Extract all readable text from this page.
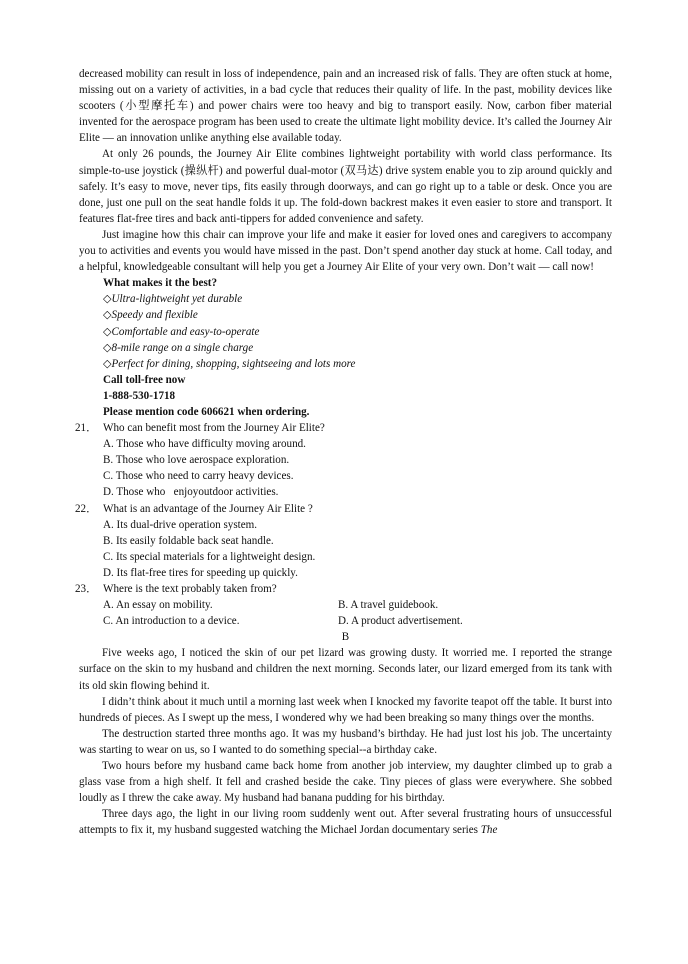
decreased mobility can result in loss of independence, pain and an increased risk of falls. They are often stuck at home, missing out on a variety of activities, in a bad cycle that reduces their quality of life. In the past, mobility devices like scooters (小型摩托车) and power chairs were too heavy and big to transport easily. Now, carbon fiber material invented for the aerospace program has been used to create the ultimate light mobility device. It’s called the Journey Air Elite — an innovation unlike anything else available today.

At only 26 pounds, the Journey Air Elite combines lightweight portability with world class performance. Its simple-to-use joystick (操纵杆) and powerful dual-motor (双马达) drive system enable you to zip around quickly and safely. It’s easy to move, never tips, fits easily through doorways, and can go right up to a table or desk. Once you are done, just one pull on the seat handle folds it up. The fold-down backrest makes it even easier to store and transport. It features flat-free tires and back anti-tippers for added convenience and safety.

Just imagine how this chair can improve your life and make it easier for loved ones and caregivers to accompany you to activities and events you would have missed in the past. Don’t spend another day stuck at home. Call today, and a helpful, knowledgeable consultant will help you get a Journey Air Elite of your very own. Don’t wait — call now!

What makes it the best?
◇Ultra-lightweight yet durable
◇Speedy and flexible
◇Comfortable and easy-to-operate
◇8-mile range on a single charge
◇Perfect for dining, shopping, sightseeing and lots more
Call toll-free now
1-888-530-1718
Please mention code 606621 when ordering.
21． Who can benefit most from the Journey Air Elite?
A. Those who have difficulty moving around.
B. Those who love aerospace exploration.
C. Those who need to carry heavy devices.
D. Those who   enjoyoutdoor activities.
22． What is an advantage of the Journey Air Elite ?
A. Its dual-drive operation system.
B. Its easily foldable back seat handle.
C. Its special materials for a lightweight design.
D. Its flat-free tires for speeding up quickly.
23． Where is the text probably taken from?
A. An essay on mobility.	B. A travel guidebook.
C. An introduction to a device.	D. A product advertisement.
B

Five weeks ago, I noticed the skin of our pet lizard was growing dusty. It worried me. I reported the strange surface on the skin to my husband and children the next morning. Seconds later, our lizard emerged from its tank with its old skin flowing behind it.

I didn’t think about it much until a morning last week when I knocked my favorite teapot off the table. It burst into hundreds of pieces. As I swept up the mess, I wondered why we had been breaking so many things over the months.

The destruction started three months ago. It was my husband’s birthday. He had just lost his job. The uncertainty was starting to wear on us, so I wanted to do something special--a birthday cake.

Two hours before my husband came back home from another job interview, my daughter climbed up to grab a glass vase from a high shelf. It fell and crashed beside the cake. Tiny pieces of glass were everywhere. She sobbed loudly as I threw the cake away. My husband had banana pudding for his birthday.

Three days ago, the light in our living room suddenly went out. After several frustrating hours of unsuccessful attempts to fix it, my husband suggested watching the Michael Jordan documentary series The
